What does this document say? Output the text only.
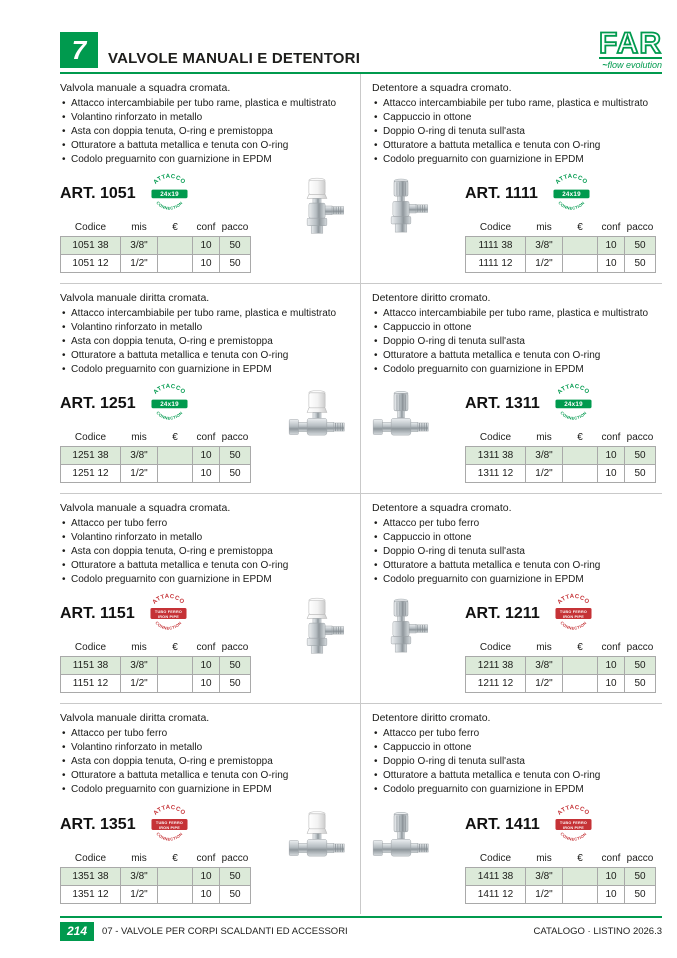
7 VALVOLE MANUALI E DETENTORI	FAR
~flow evolution

Valvola manuale a squadra cromata.

• Attacco intercambiabile per tubo rame, plastica e multistrato
• Volantino rinforzato in metallo
• Asta con doppia tenuta, O-ring e premistoppa
• Otturatore a battuta metallica e tenuta con O-ring
• Codolo preguarnito con guarnizione in EPDM
ART. 1051
ATTACCO
24x19
CONNECTION
Codice	mis	€	conf	pacco
1051 38	3/8"		10	50
1051 12	1/2"		10	50

Detentore a squadra cromato.

• Attacco intercambiabile per tubo rame, plastica e multistrato
• Cappuccio in ottone
• Doppio O-ring di tenuta sull'asta
• Otturatore a battuta metallica e tenuta con O-ring
• Codolo preguarnito con guarnizione in EPDM
ART. 1111
ATTACCO
24x19
CONNECTION
Codice	mis	€	conf	pacco
1111 38	3/8"		10	50
1111 12	1/2"		10	50

Valvola manuale diritta cromata.

• Attacco intercambiabile per tubo rame, plastica e multistrato
• Volantino rinforzato in metallo
• Asta con doppia tenuta, O-ring e premistoppa
• Otturatore a battuta metallica e tenuta con O-ring
• Codolo preguarnito con guarnizione in EPDM
ART. 1251
ATTACCO
24x19
CONNECTION
Codice	mis	€	conf	pacco
1251 38	3/8"		10	50
1251 12	1/2"		10	50

Detentore diritto cromato.

• Attacco intercambiabile per tubo rame, plastica e multistrato
• Cappuccio in ottone
• Doppio O-ring di tenuta sull'asta
• Otturatore a battuta metallica e tenuta con O-ring
• Codolo preguarnito con guarnizione in EPDM
ART. 1311
ATTACCO
24x19
CONNECTION
Codice	mis	€	conf	pacco
1311 38	3/8"		10	50
1311 12	1/2"		10	50

Valvola manuale a squadra cromata.

• Attacco per tubo ferro
• Volantino rinforzato in metallo
• Asta con doppia tenuta, O-ring e premistoppa
• Otturatore a battuta metallica e tenuta con O-ring
• Codolo preguarnito con guarnizione in EPDM
ART. 1151
ATTACCO
TUBO FERRO
IRON PIPE
CONNECTION
Codice	mis	€	conf	pacco
1151 38	3/8"		10	50
1151 12	1/2"		10	50

Detentore a squadra cromato.

• Attacco per tubo ferro
• Cappuccio in ottone
• Doppio O-ring di tenuta sull'asta
• Otturatore a battuta metallica e tenuta con O-ring
• Codolo preguarnito con guarnizione in EPDM
ART. 1211
ATTACCO
TUBO FERRO
IRON PIPE
CONNECTION
Codice	mis	€	conf	pacco
1211 38	3/8"		10	50
1211 12	1/2"		10	50

Valvola manuale diritta cromata.

• Attacco per tubo ferro
• Volantino rinforzato in metallo
• Asta con doppia tenuta, O-ring e premistoppa
• Otturatore a battuta metallica e tenuta con O-ring
• Codolo preguarnito con guarnizione in EPDM
ART. 1351
ATTACCO
TUBO FERRO
IRON PIPE
CONNECTION
Codice	mis	€	conf	pacco
1351 38	3/8"		10	50
1351 12	1/2"		10	50

Detentore diritto cromato.

• Attacco per tubo ferro
• Cappuccio in ottone
• Doppio O-ring di tenuta sull'asta
• Otturatore a battuta metallica e tenuta con O-ring
• Codolo preguarnito con guarnizione in EPDM
ART. 1411
ATTACCO
TUBO FERRO
IRON PIPE
CONNECTION
Codice	mis	€	conf	pacco
1411 38	3/8"		10	50
1411 12	1/2"		10	50
214	07 - VALVOLE PER CORPI SCALDANTI ED ACCESSORI	CATALOGO · LISTINO 2026.3
